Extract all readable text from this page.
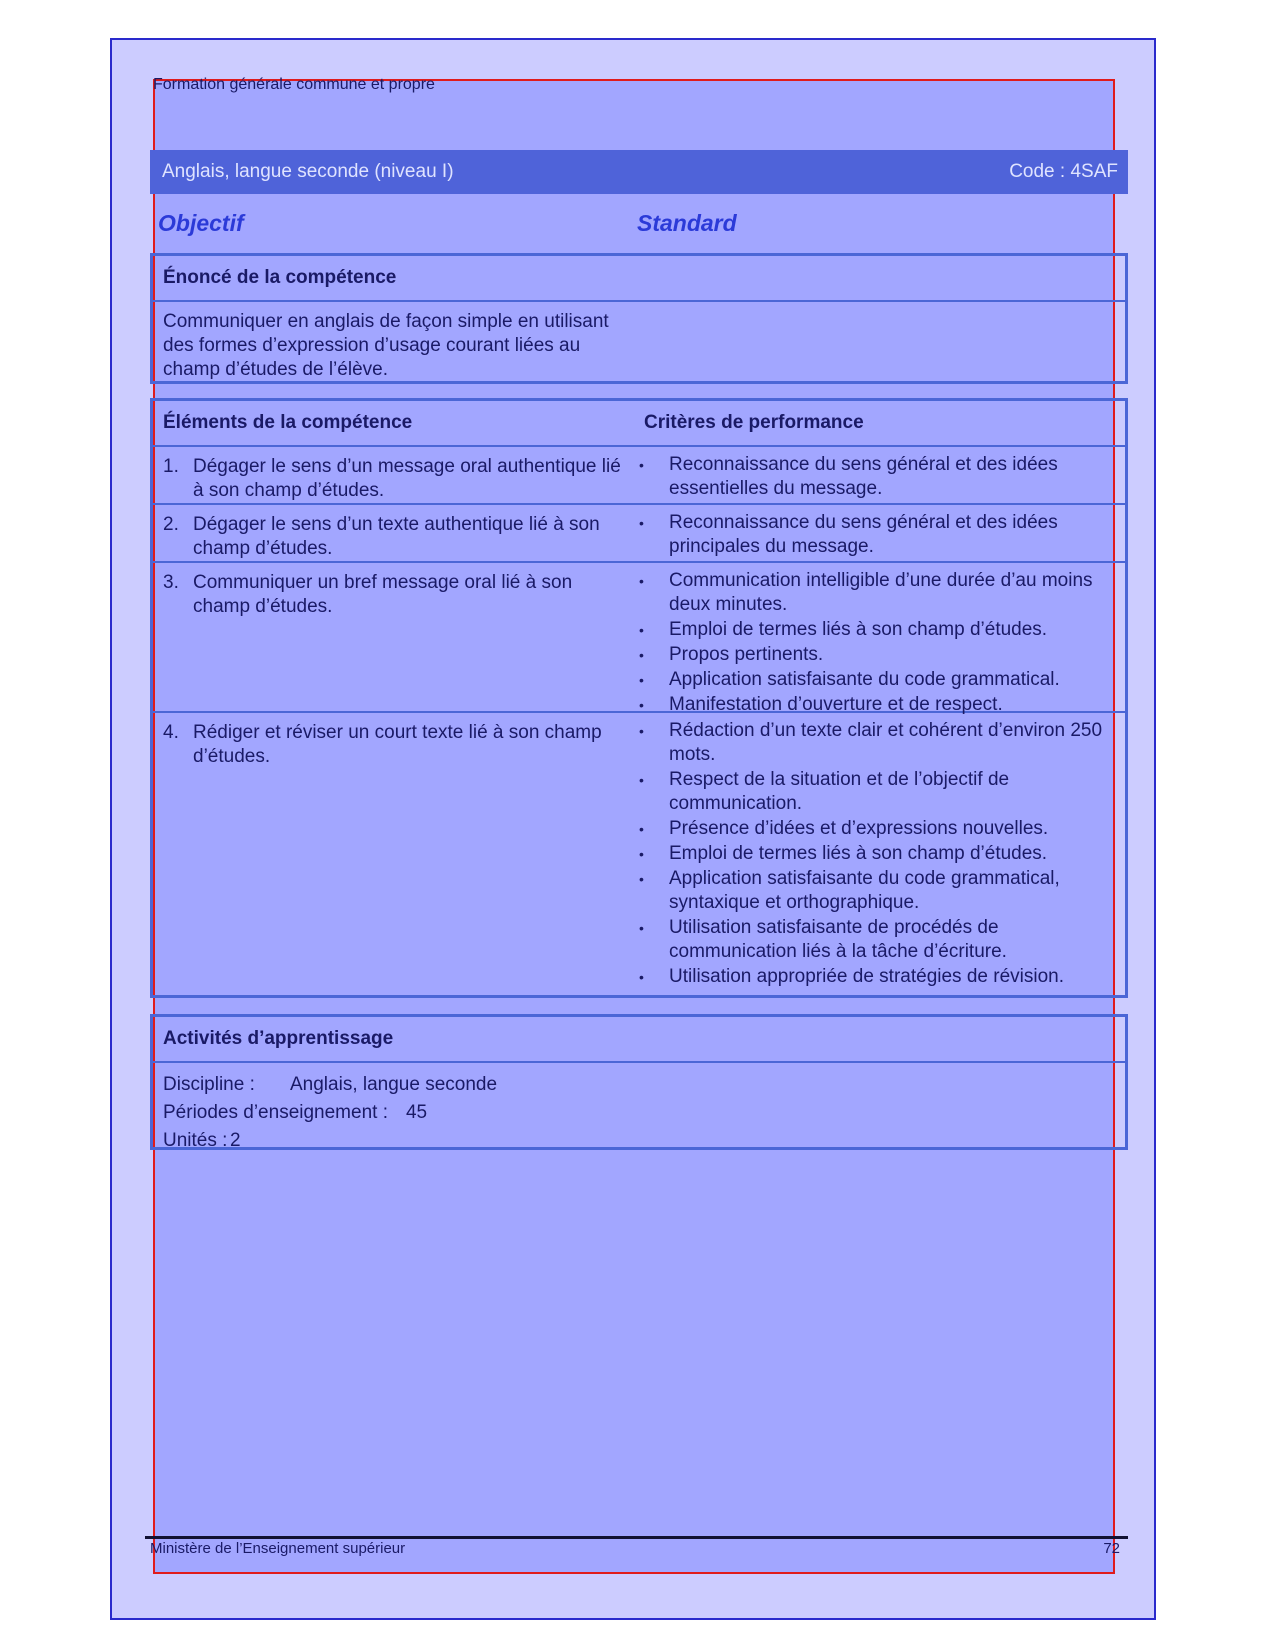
Formation générale commune et propre
Anglais, langue seconde (niveau I)	Code : 4SAF
Objectif	Standard
Énoncé de la compétence
Communiquer en anglais de façon simple en utilisant des formes d’expression d’usage courant liées au champ d’études de l’élève.
Éléments de la compétence	Critères de performance
1. Dégager le sens d’un message oral authentique lié à son champ d’études.
•	Reconnaissance du sens général et des idées essentielles du message.
2. Dégager le sens d’un texte authentique lié à son champ d’études.
•	Reconnaissance du sens général et des idées principales du message.
3. Communiquer un bref message oral lié à son champ d’études.
•	Communication intelligible d’une durée d’au moins deux minutes.
•	Emploi de termes liés à son champ d’études.
•	Propos pertinents.
•	Application satisfaisante du code grammatical.
•	Manifestation d’ouverture et de respect.
4. Rédiger et réviser un court texte lié à son champ d’études.
•	Rédaction d’un texte clair et cohérent d’environ 250 mots.
•	Respect de la situation et de l’objectif de communication.
•	Présence d’idées et d’expressions nouvelles.
•	Emploi de termes liés à son champ d’études.
•	Application satisfaisante du code grammatical, syntaxique et orthographique.
•	Utilisation satisfaisante de procédés de communication liés à la tâche d’écriture.
•	Utilisation appropriée de stratégies de révision.
Activités d’apprentissage
Discipline :	Anglais, langue seconde
Périodes d’enseignement : 45
Unités : 2
Ministère de l’Enseignement supérieur	72
